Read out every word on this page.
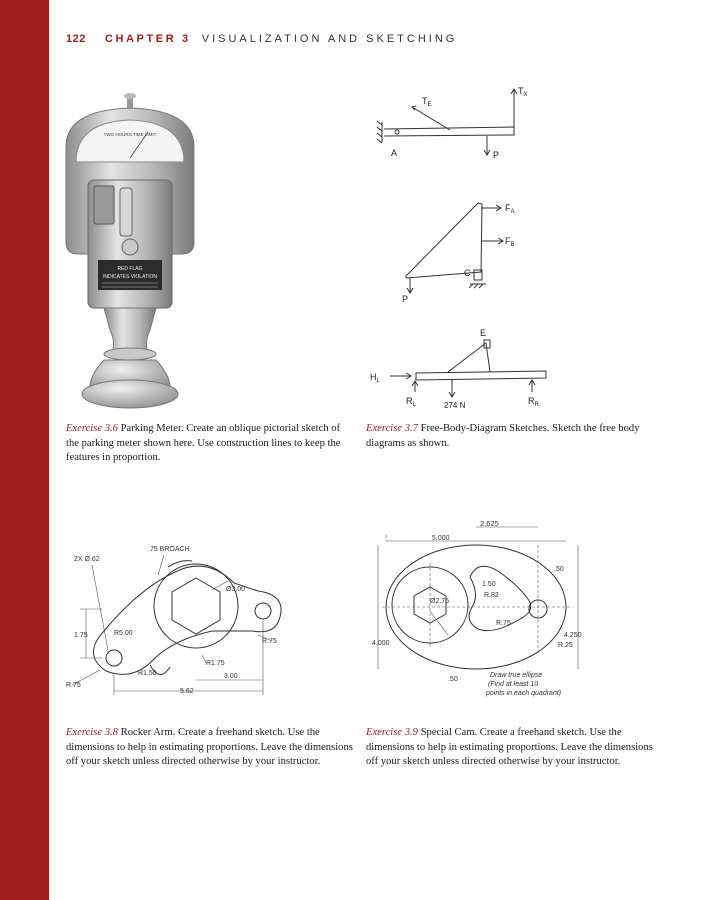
122 CHAPTER 3 VISUALIZATION AND SKETCHING
TWO HOURS TIME LIMIT
RED FLAG
INDICATES VIOLATION
$T_E$
$T_X$
A	P
$F_A$
$F_B$
C
P
E
$H_L$
$R_L$	274 N	$R_R$
2X Ø.62
.75 BROACH
Ø3.00
R5.00
1.75
R.75
R1.75
R1.50	3.00
5.62
R.75
2.625
5.000
1.50
R.82
Ø2.75
R.75
4.000
4.250
R.25
.50
.50
Draw true ellipse (Find at least 10 points in each quadrant)
Exercise 3.6 Parking Meter. Create an oblique pictorial sketch of the parking meter shown here. Use construction lines to keep the features in proportion.
Exercise 3.7 Free-Body-Diagram Sketches. Sketch the free body diagrams as shown.
Exercise 3.8 Rocker Arm. Create a freehand sketch. Use the dimensions to help in estimating proportions. Leave the dimensions off your sketch unless directed otherwise by your instructor.
Exercise 3.9 Special Cam. Create a freehand sketch. Use the dimensions to help in estimating proportions. Leave the dimensions off your sketch unless directed otherwise by your instructor.
